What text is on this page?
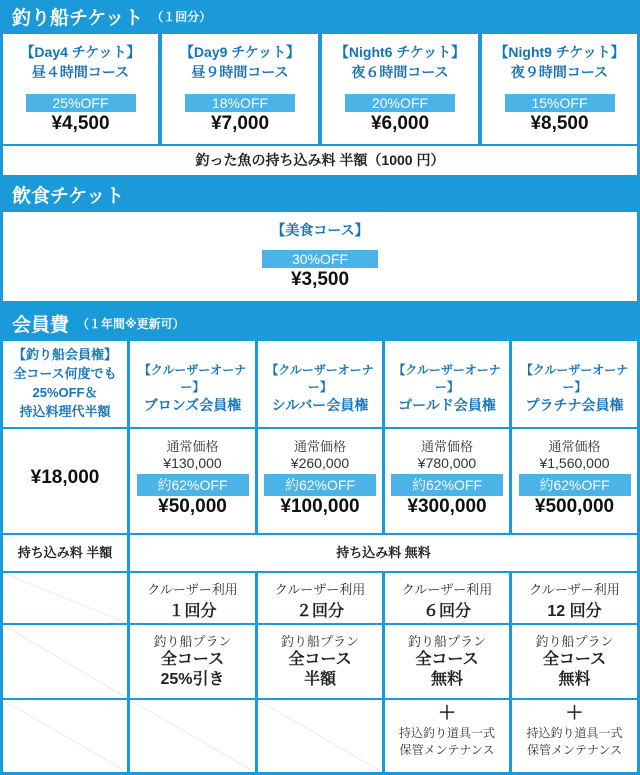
釣り船チケット （１回分）
【Day4 チケット】
昼４時間コース
25%OFF
¥4,500
【Day9 チケット】
昼９時間コース
18%OFF
¥7,000
【Night6 チケット】
夜６時間コース
20%OFF
¥6,000
【Night9 チケット】
夜９時間コース
15%OFF
¥8,500
釣った魚の持ち込み料 半額（1000 円）
飲食チケット
【美食コース】
30%OFF
¥3,500
会員費 （１年間※更新可）
【釣り船会員権】
全コース何度でも
25%OFF＆
持込料理代半額
【クルーザーオーナー】
ブロンズ会員権
【クルーザーオーナー】
シルバー会員権
【クルーザーオーナー】
ゴールド会員権
【クルーザーオーナー】
プラチナ会員権
¥18,000
通常価格
¥130,000
約62%OFF
¥50,000
通常価格
¥260,000
約62%OFF
¥100,000
通常価格
¥780,000
約62%OFF
¥300,000
通常価格
¥1,560,000
約62%OFF
¥500,000
持ち込み料 半額	持ち込み料 無料
クルーザー利用
１回分
クルーザー利用
２回分
クルーザー利用
６回分
クルーザー利用
12 回分
釣り船プラン
全コース
25%引き
釣り船プラン
全コース
半額
釣り船プラン
全コース
無料
釣り船プラン
全コース
無料
＋
持込釣り道具一式
保管メンテナンス
＋
持込釣り道具一式
保管メンテナンス
